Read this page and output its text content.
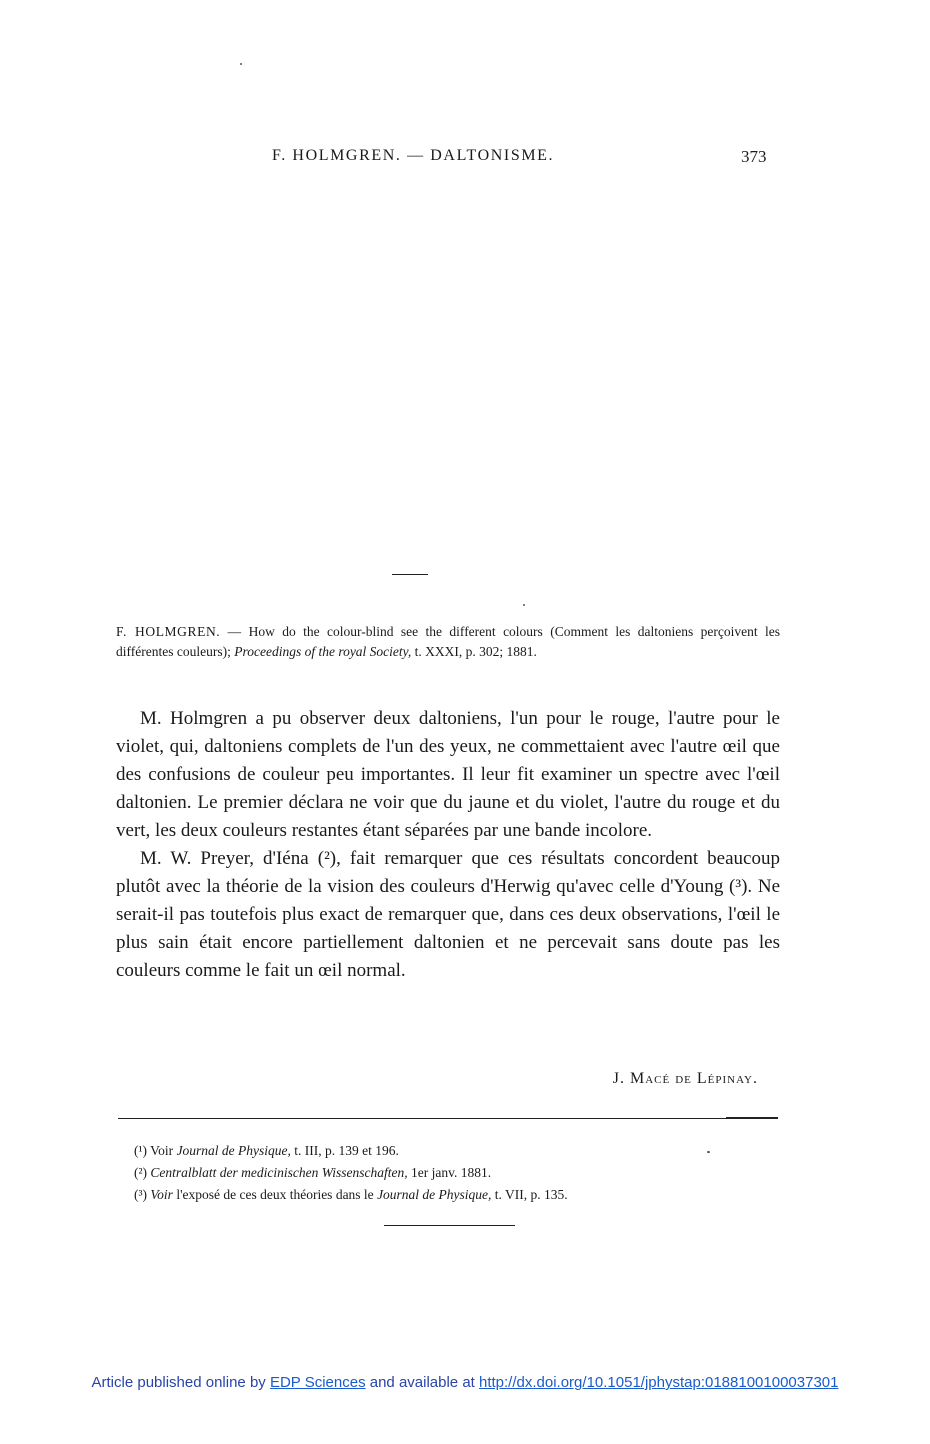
F. HOLMGREN. — DALTONISME.	373
F. HOLMGREN. — How do the colour-blind see the different colours (Comment les daltoniens perçoivent les différentes couleurs); Proceedings of the royal Society, t. XXXI, p. 302; 1881.

M. Holmgren a pu observer deux daltoniens, l'un pour le rouge, l'autre pour le violet, qui, daltoniens complets de l'un des yeux, ne commettaient avec l'autre œil que des confusions de couleur peu importantes. Il leur fit examiner un spectre avec l'œil daltonien. Le premier déclara ne voir que du jaune et du violet, l'autre du rouge et du vert, les deux couleurs restantes étant séparées par une bande incolore.

M. W. Preyer, d'Iéna (²), fait remarquer que ces résultats concordent beaucoup plutôt avec la théorie de la vision des couleurs d'Herwig qu'avec celle d'Young (³). Ne serait-il pas toutefois plus exact de remarquer que, dans ces deux observations, l'œil le plus sain était encore partiellement daltonien et ne percevait sans doute pas les couleurs comme le fait un œil normal.

J. Macé de Lépinay.
(¹) Voir Journal de Physique, t. III, p. 139 et 196.
(²) Centralblatt der medicinischen Wissenschaften, 1er janv. 1881.
(³) Voir l'exposé de ces deux théories dans le Journal de Physique, t. VII, p. 135.
Article published online by EDP Sciences and available at http://dx.doi.org/10.1051/jphystap:0188100100037301
